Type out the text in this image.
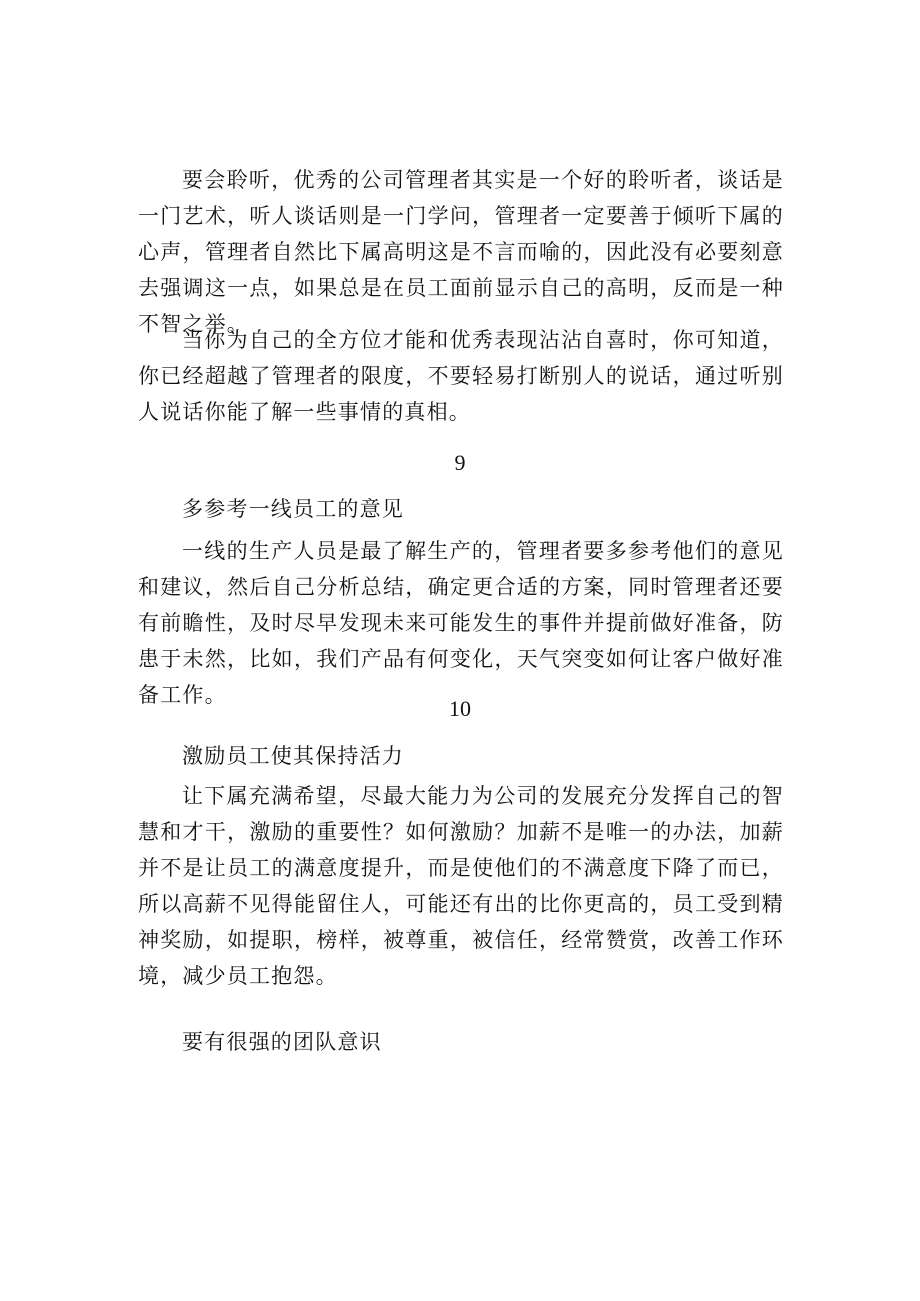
要会聆听，优秀的公司管理者其实是一个好的聆听者，谈话是一门艺术，听人谈话则是一门学问，管理者一定要善于倾听下属的心声，管理者自然比下属高明这是不言而喻的，因此没有必要刻意去强调这一点，如果总是在员工面前显示自己的高明，反而是一种不智之举。

当你为自己的全方位才能和优秀表现沾沾自喜时，你可知道，你已经超越了管理者的限度，不要轻易打断别人的说话，通过听别人说话你能了解一些事情的真相。

9

多参考一线员工的意见

一线的生产人员是最了解生产的，管理者要多参考他们的意见和建议，然后自己分析总结，确定更合适的方案，同时管理者还要有前瞻性，及时尽早发现未来可能发生的事件并提前做好准备，防患于未然，比如，我们产品有何变化，天气突变如何让客户做好准备工作。

10

激励员工使其保持活力

让下属充满希望，尽最大能力为公司的发展充分发挥自己的智慧和才干，激励的重要性？如何激励？加薪不是唯一的办法，加薪并不是让员工的满意度提升，而是使他们的不满意度下降了而已，所以高薪不见得能留住人，可能还有出的比你更高的，员工受到精神奖励，如提职，榜样，被尊重，被信任，经常赞赏，改善工作环境，减少员工抱怨。

要有很强的团队意识
